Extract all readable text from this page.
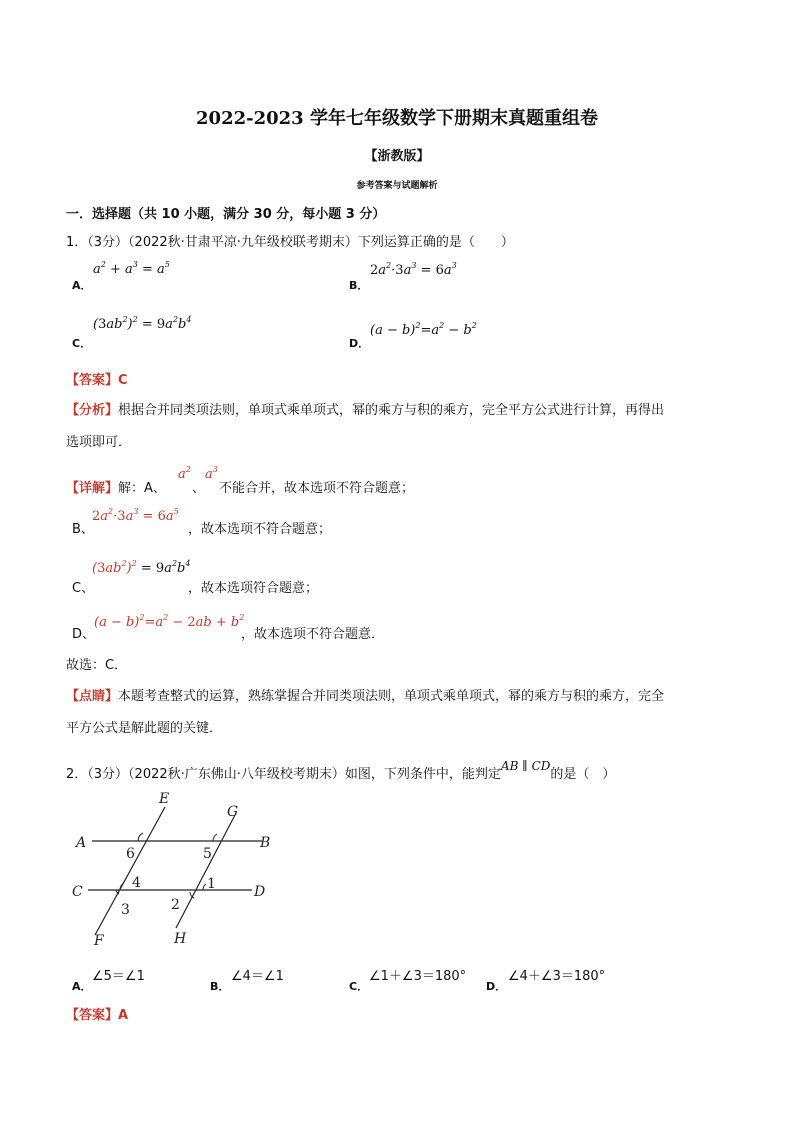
2022-2023 学年七年级数学下册期末真题重组卷
【浙教版】
参考答案与试题解析
一．选择题（共 10 小题，满分 30 分，每小题 3 分）
1．（3分）（2022秋·甘肃平凉·九年级校联考期末）下列运算正确的是（　　）
A．
$a^2 + a^3 = a^5$
B．
$2a^2\cdot 3a^3 = 6a^3$
C．
$(3ab^2)^2 = 9a^2b^4$
D．
$(a - b)^2=a^2 - b^2$
【答案】C
【分析】根据合并同类项法则，单项式乘单项式，幂的乘方与积的乘方，完全平方公式进行计算，再得出
选项即可．
【详解】解：A、
$a^2$
、
$a^3$
不能合并，故本选项不符合题意；
B、
$2a^2\cdot 3a^3 = 6a^5$
，故本选项不符合题意；
C、
$(3ab^2)^2 = 9a^2b^4$
，故本选项符合题意；
D、
$(a - b)^2=a^2 - 2ab + b^2$
，故本选项不符合题意．
故选：C．
【点睛】本题考查整式的运算，熟练掌握合并同类项法则，单项式乘单项式，幂的乘方与积的乘方，完全
平方公式是解此题的关键．
2．（3分）（2022秋·广东佛山·八年级校考期末）如图，下列条件中，能判定AB ∥ CD的是（　）
E
G
A	B
C	D
F	H
6	5
4
3
1
2
A．
∠5＝∠1
B．
∠4＝∠1
C．
∠1＋∠3＝180°
D．
∠4＋∠3＝180°
【答案】A
